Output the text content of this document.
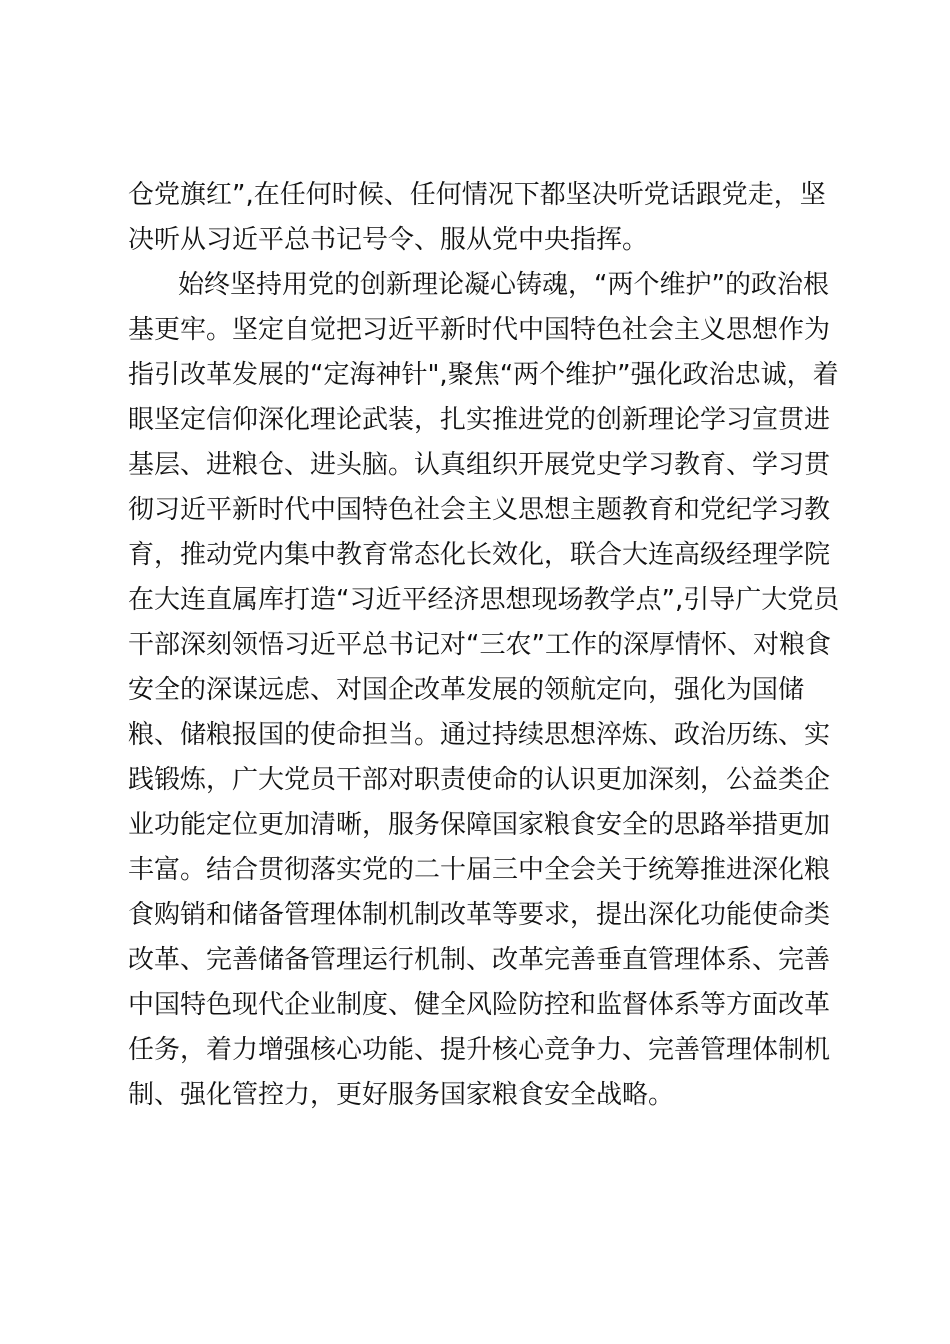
仓党旗红”,在任何时候、任何情况下都坚决听党话跟党走，坚
决听从习近平总书记号令、服从党中央指挥。
始终坚持用党的创新理论凝心铸魂，“两个维护”的政治根
基更牢。坚定自觉把习近平新时代中国特色社会主义思想作为
指引改革发展的“定海神针",聚焦“两个维护”强化政治忠诚，着
眼坚定信仰深化理论武装，扎实推进党的创新理论学习宣贯进
基层、进粮仓、进头脑。认真组织开展党史学习教育、学习贯
彻习近平新时代中国特色社会主义思想主题教育和党纪学习教
育，推动党内集中教育常态化长效化，联合大连高级经理学院
在大连直属库打造“习近平经济思想现场教学点”,引导广大党员
干部深刻领悟习近平总书记对“三农”工作的深厚情怀、对粮食
安全的深谋远虑、对国企改革发展的领航定向，强化为国储
粮、储粮报国的使命担当。通过持续思想淬炼、政治历练、实
践锻炼，广大党员干部对职责使命的认识更加深刻，公益类企
业功能定位更加清晰，服务保障国家粮食安全的思路举措更加
丰富。结合贯彻落实党的二十届三中全会关于统筹推进深化粮
食购销和储备管理体制机制改革等要求，提出深化功能使命类
改革、完善储备管理运行机制、改革完善垂直管理体系、完善
中国特色现代企业制度、健全风险防控和监督体系等方面改革
任务，着力增强核心功能、提升核心竞争力、完善管理体制机
制、强化管控力，更好服务国家粮食安全战略。
